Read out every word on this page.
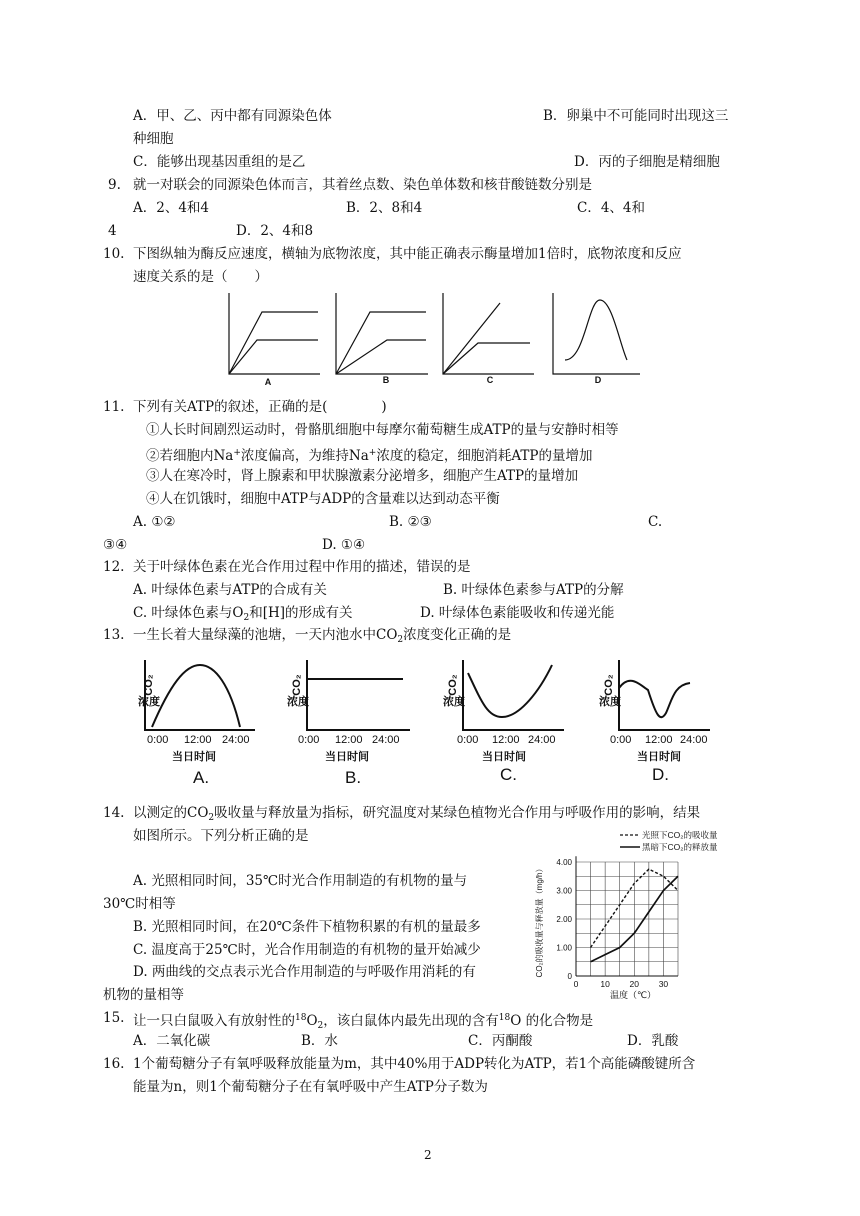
A．甲、乙、丙中都有同源染色体	B．卵巢中不可能同时出现这三
种细胞
C．能够出现基因重组的是乙	D．丙的子细胞是精细胞
9. 就一对联会的同源染色体而言，其着丝点数、染色单体数和核苷酸链数分别是
A．2、4和4	B．2、8和4	C．4、4和
4	D．2、4和8
10. 下图纵轴为酶反应速度，横轴为底物浓度，其中能正确表示酶量增加1倍时，底物浓度和反应
速度关系的是（　　）
A	B	C	D
11. 下列有关ATP的叙述，正确的是(　　　　)
①人长时间剧烈运动时，骨骼肌细胞中每摩尔葡萄糖生成ATP的量与安静时相等
②若细胞内Na+浓度偏高，为维持Na+浓度的稳定，细胞消耗ATP的量增加
③人在寒冷时，肾上腺素和甲状腺激素分泌增多，细胞产生ATP的量增加
④人在饥饿时，细胞中ATP与ADP的含量难以达到动态平衡
A. ①②	B. ②③	C.
③④	D. ①④
12. 关于叶绿体色素在光合作用过程中作用的描述，错误的是
A. 叶绿体色素与ATP的合成有关	B. 叶绿体色素参与ATP的分解
C. 叶绿体色素与$O_2$和[H]的形成有关	D. 叶绿体色素能吸收和传递光能
13. 一生长着大量绿藻的池塘，一天内池水中$CO_2$浓度变化正确的是
CO₂
浓度
CO₂
浓度
CO₂
浓度
CO₂
浓度
0:00 12:00 24:00	0:00 12:00 24:00	0:00 12:00 24:00	0:00 12:00 24:00
当日时间	当日时间	当日时间	当日时间
A.	B.	C.	D.
14. 以测定的$CO_2$吸收量与释放量为指标，研究温度对某绿色植物光合作用与呼吸作用的影响，结果
如图所示。下列分析正确的是
A. 光照相同时间，35℃时光合作用制造的有机物的量与
30℃时相等
B. 光照相同时间，在20℃条件下植物积累的有机的量最多
C. 温度高于25℃时，光合作用制造的有机物的量开始减少
D. 两曲线的交点表示光合作用制造的与呼吸作用消耗的有
机物的量相等
0	10 20 30
1.00
2.00
3.00
4.00
0
光照下CO₂的吸收量
黑暗下CO₂的释放量
CO₂的吸收量与释放量（mg/h）
温度（℃）
15. 让一只白鼠吸入有放射性的$^{18}O_2$，该白鼠体内最先出现的含有$^{18}$O 的化合物是
A．二氧化碳	B．水	C．丙酮酸	D．乳酸
16. 1个葡萄糖分子有氧呼吸释放能量为m，其中40%用于ADP转化为ATP，若1个高能磷酸键所含
能量为n，则1个葡萄糖分子在有氧呼吸中产生ATP分子数为
2
